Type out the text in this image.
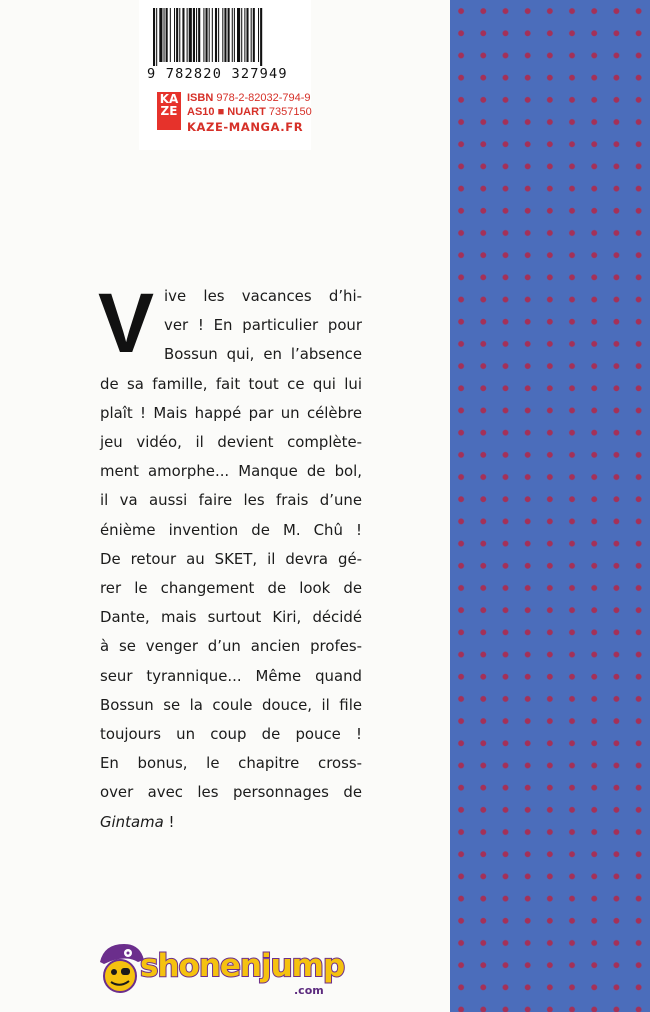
9 782820 327949
KA
ZE
ISBN 978-2-82032-794-9
AS10 ■ NUART 7357150
KAZE-MANGA.FR
V ive les vacances d’hi-
ver ! En particulier pour
Bossun qui, en l’absence
de sa famille, fait tout ce qui lui
plaît ! Mais happé par un célèbre
jeu vidéo, il devient complète-
ment amorphe... Manque de bol,
il va aussi faire les frais d’une
énième invention de M. Chû !
De retour au SKET, il devra gé-
rer le changement de look de
Dante, mais surtout Kiri, décidé
à se venger d’un ancien profes-
seur tyrannique... Même quand
Bossun se la coule douce, il file
toujours un coup de pouce !
En bonus, le chapitre cross-
over avec les personnages de
Gintama !
shonenjump
.com
